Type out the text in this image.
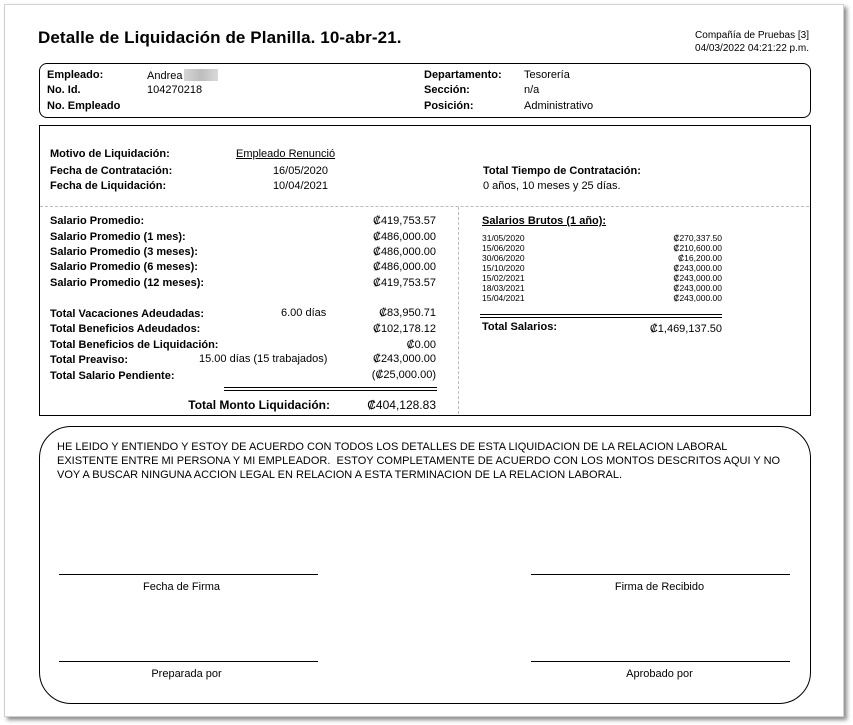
Detalle de Liquidación de Planilla. 10-abr-21.	Compañía de Pruebas [3]
04/03/2022 04:21:22 p.m.
Empleado:	Andrea
No. Id.	104270218
No. Empleado
Departamento: Tesorería
Sección:	n/a
Posición:	Administrativo
Motivo de Liquidación:	Empleado Renunció
Fecha de Contratación:	16/05/2020
Fecha de Liquidación:	10/04/2021
Total Tiempo de Contratación:
0 años, 10 meses y 25 días.
Salario Promedio:	₡419,753.57
Salario Promedio (1 mes):	₡486,000.00
Salario Promedio (3 meses):	₡486,000.00
Salario Promedio (6 meses):	₡486,000.00
Salario Promedio (12 meses):	₡419,753.57
Total Vacaciones Adeudadas:	6.00 días	₡83,950.71
Total Beneficios Adeudados:	₡102,178.12
Total Beneficios de Liquidación:	₡0.00
Total Preaviso:	15.00 días (15 trabajados)	₡243,000.00
Total Salario Pendiente:	(₡25,000.00)
Total Monto Liquidación:	₡404,128.83
Salarios Brutos (1 año):
31/05/2020	₡270,337.50
15/06/2020	₡210,600.00
30/06/2020	₡16,200.00
15/10/2020	₡243,000.00
15/02/2021	₡243,000.00
18/03/2021	₡243,000.00
15/04/2021	₡243,000.00
Total Salarios:	₡1,469,137.50
HE LEIDO Y ENTIENDO Y ESTOY DE ACUERDO CON TODOS LOS DETALLES DE ESTA LIQUIDACION DE LA RELACION LABORAL
EXISTENTE ENTRE MI PERSONA Y MI EMPLEADOR.  ESTOY COMPLETAMENTE DE ACUERDO CON LOS MONTOS DESCRITOS AQUI Y NO
VOY A BUSCAR NINGUNA ACCION LEGAL EN RELACION A ESTA TERMINACION DE LA RELACION LABORAL.
Fecha de Firma	Firma de Recibido
Preparada por	Aprobado por
